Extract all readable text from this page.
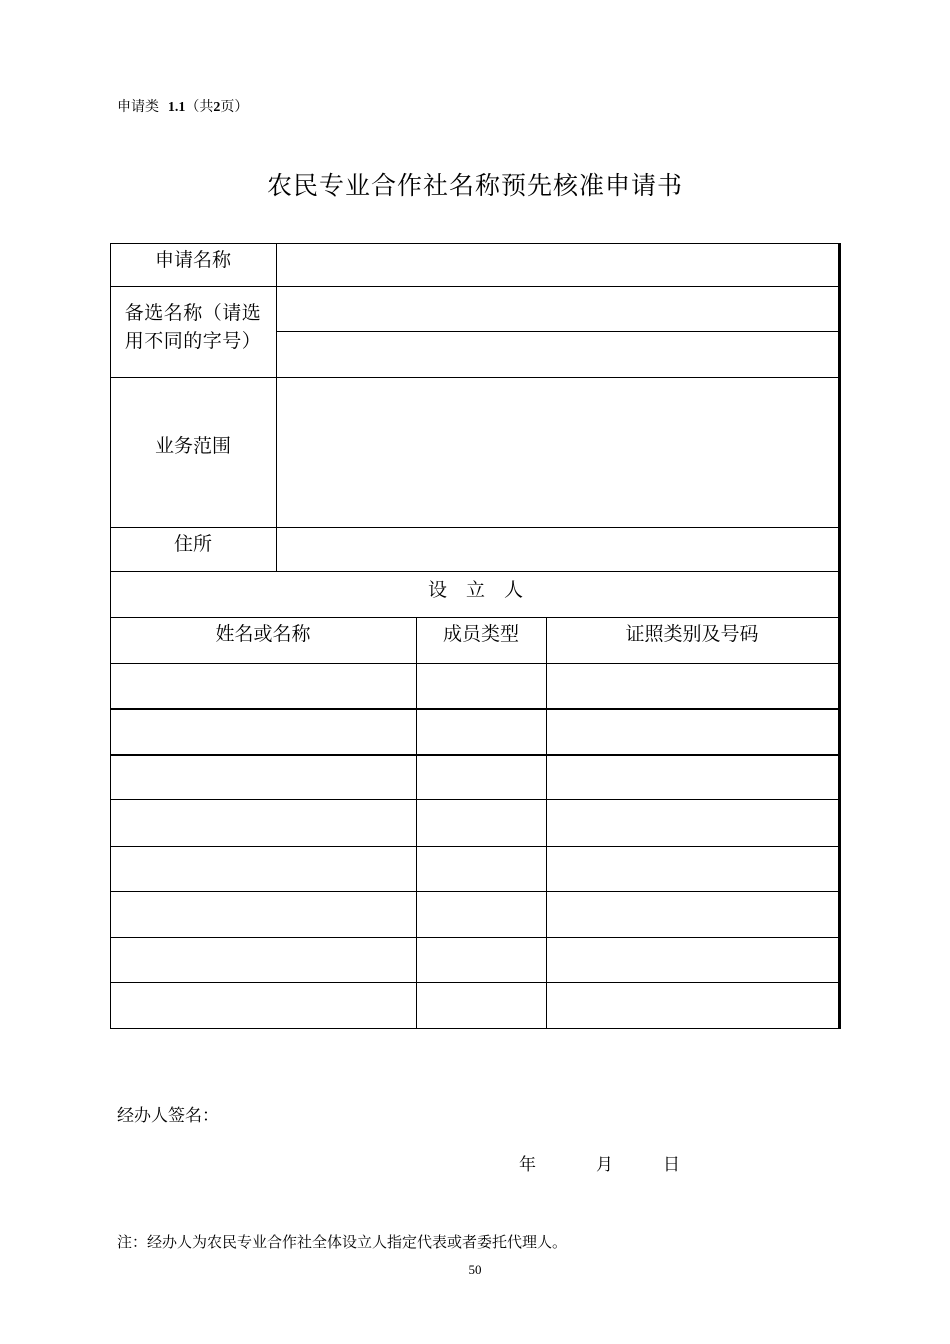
申请类 1.1（共2页）
农民专业合作社名称预先核准申请书
申请名称
备选名称（请选
用不同的字号）
业务范围
住所
设　立　人
姓名或名称	成员类型	证照类别及号码
经办人签名：
年	月	日
注：经办人为农民专业合作社全体设立人指定代表或者委托代理人。
50
